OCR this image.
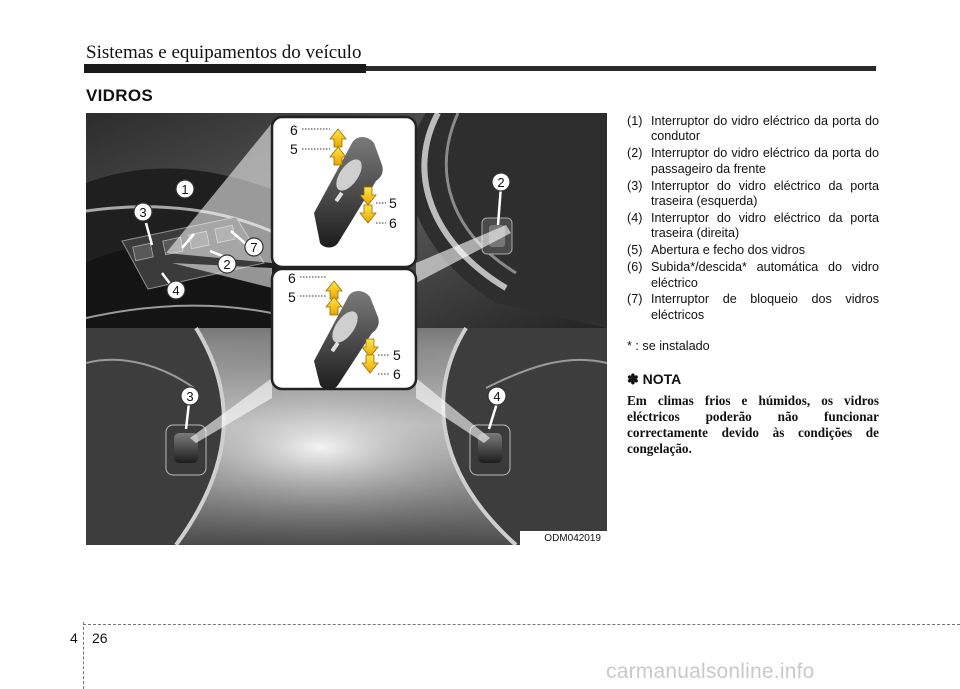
Sistemas e equipamentos do veículo
VIDROS
6
5
5
6
6
5
5
6
1
3
4
2
7
2
3	4
ODM042019
(1) Interruptor do vidro eléctrico da porta do condutor
(2) Interruptor do vidro eléctrico da porta do passageiro da frente
(3) Interruptor do vidro eléctrico da porta traseira (esquerda)
(4) Interruptor do vidro eléctrico da porta traseira (direita)
(5) Abertura e fecho dos vidros
(6) Subida*/descida* automática do vidro eléctrico
(7) Interruptor de bloqueio dos vidros eléctricos
* : se instalado
✽ NOTA
Em climas frios e húmidos, os vidros eléctricos poderão não funcionar correctamente devido às condições de congelação.
4 26
carmanualsonline.info
